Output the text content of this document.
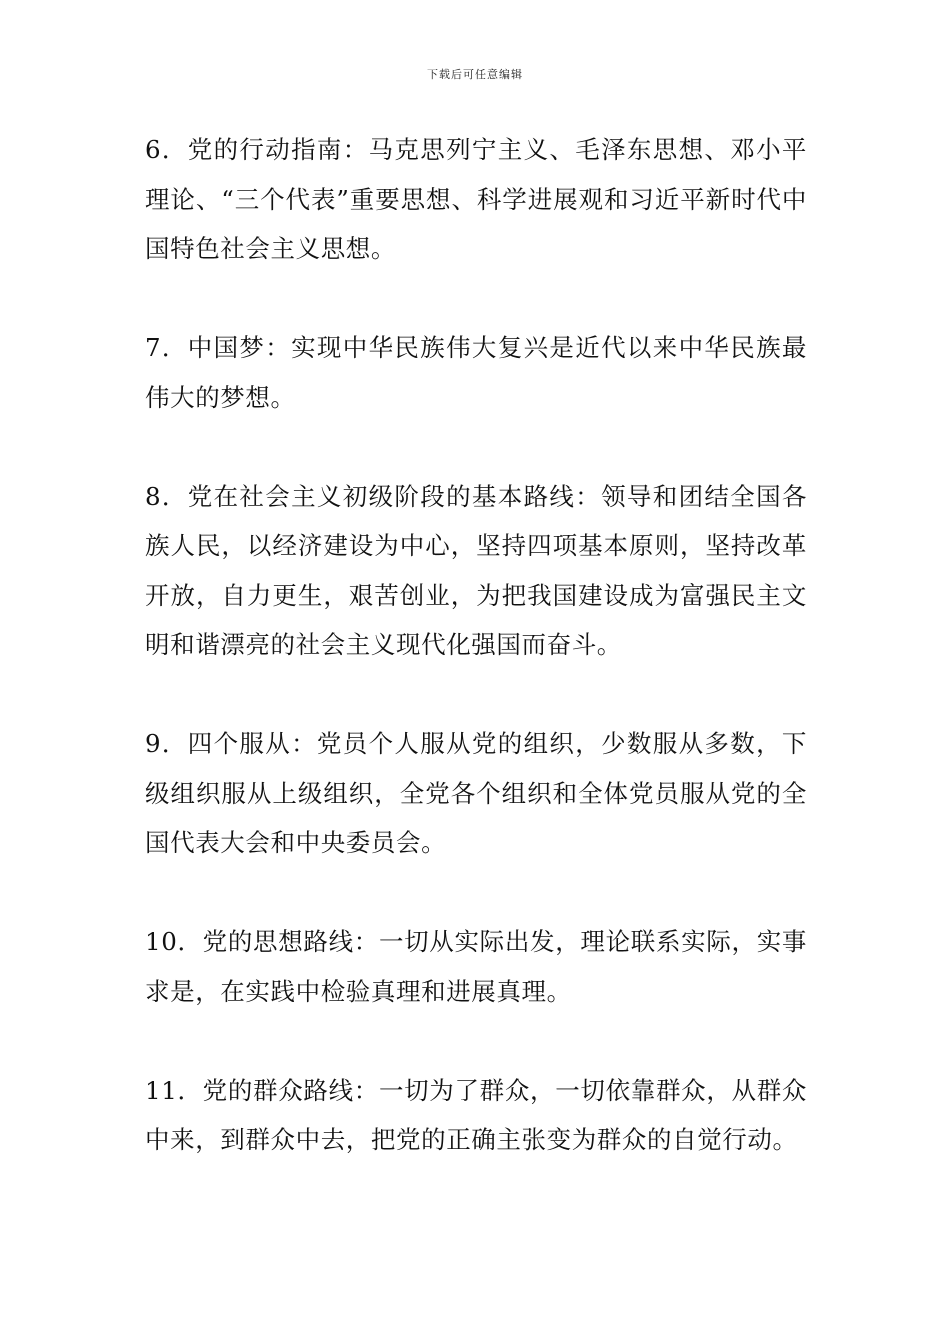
下载后可任意编辑

6．党的行动指南：马克思列宁主义、毛泽东思想、邓小平理论、“三个代表”重要思想、科学进展观和习近平新时代中国特色社会主义思想。

7．中国梦：实现中华民族伟大复兴是近代以来中华民族最伟大的梦想。

8．党在社会主义初级阶段的基本路线：领导和团结全国各族人民，以经济建设为中心，坚持四项基本原则，坚持改革开放，自力更生，艰苦创业，为把我国建设成为富强民主文明和谐漂亮的社会主义现代化强国而奋斗。

9．四个服从：党员个人服从党的组织，少数服从多数，下级组织服从上级组织，全党各个组织和全体党员服从党的全国代表大会和中央委员会。

10．党的思想路线：一切从实际出发，理论联系实际，实事求是，在实践中检验真理和进展真理。

11．党的群众路线：一切为了群众，一切依靠群众，从群众中来，到群众中去，把党的正确主张变为群众的自觉行动。
